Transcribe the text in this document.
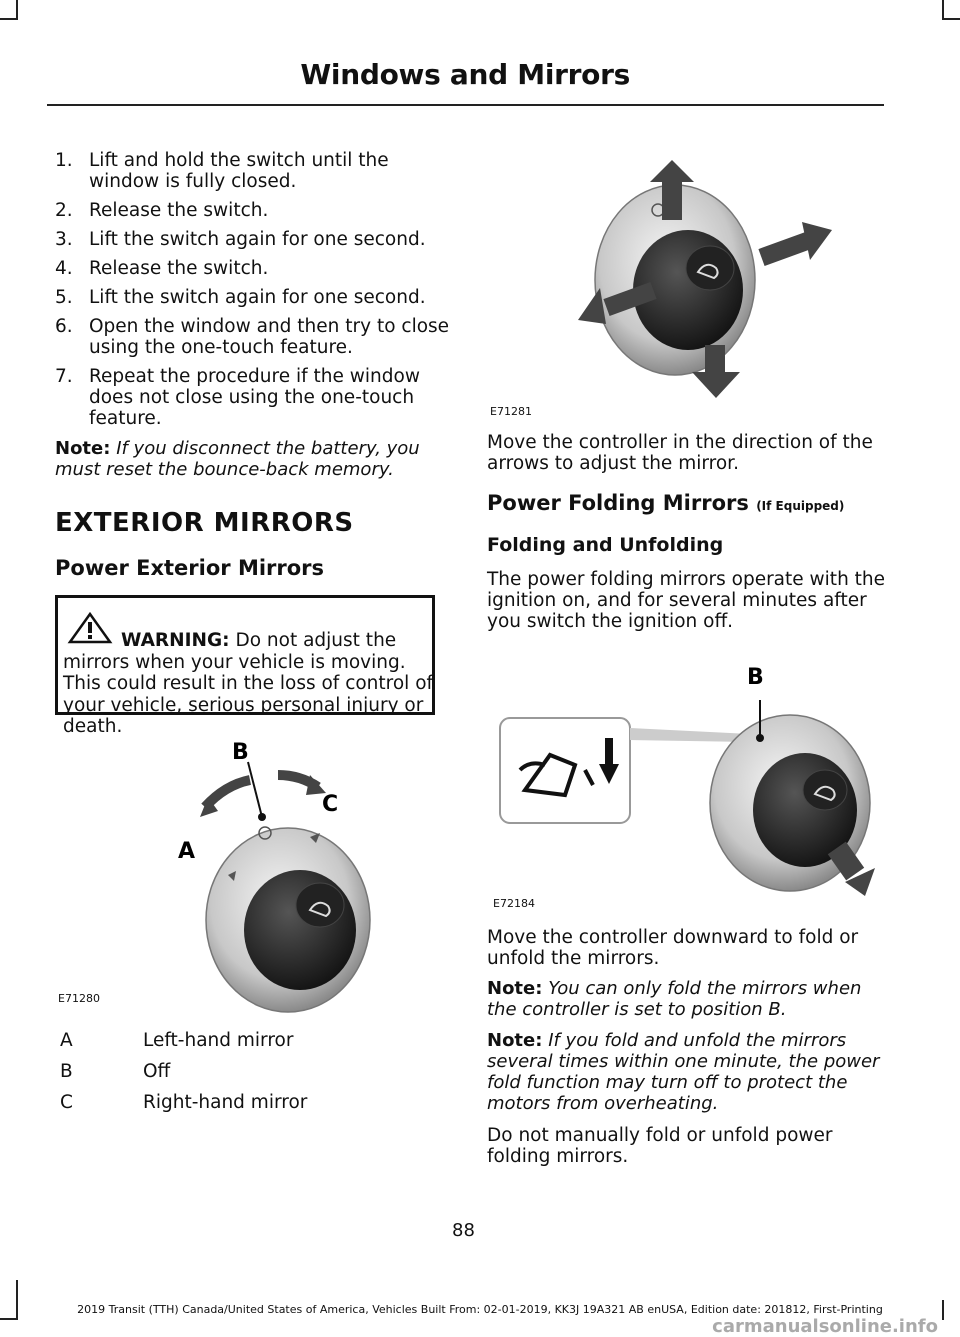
Windows and Mirrors
1. Lift and hold the switch until the window is fully closed.
2. Release the switch.
3. Lift the switch again for one second.
4. Release the switch.
5. Lift the switch again for one second.
6. Open the window and then try to close using the one-touch feature.
7. Repeat the procedure if the window does not close using the one-touch feature.
Note: If you disconnect the battery, you must reset the bounce-back memory.
EXTERIOR MIRRORS
Power Exterior Mirrors
WARNING: Do not adjust the mirrors when your vehicle is moving. This could result in the loss of control of your vehicle, serious personal injury or death.
B
C
A
E71280
A	Left-hand mirror
B	Off
C	Right-hand mirror
E71281
Move the controller in the direction of the arrows to adjust the mirror.
Power Folding Mirrors (If Equipped)
Folding and Unfolding
The power folding mirrors operate with the ignition on, and for several minutes after you switch the ignition off.
B
E72184
Move the controller downward to fold or unfold the mirrors.
Note: You can only fold the mirrors when the controller is set to position B.
Note: If you fold and unfold the mirrors several times within one minute, the power fold function may turn off to protect the motors from overheating.
Do not manually fold or unfold power folding mirrors.
88
2019 Transit (TTH) Canada/United States of America, Vehicles Built From: 02-01-2019, KK3J 19A321 AB enUSA, Edition date: 201812, First-Printing
carmanualsonline.info
